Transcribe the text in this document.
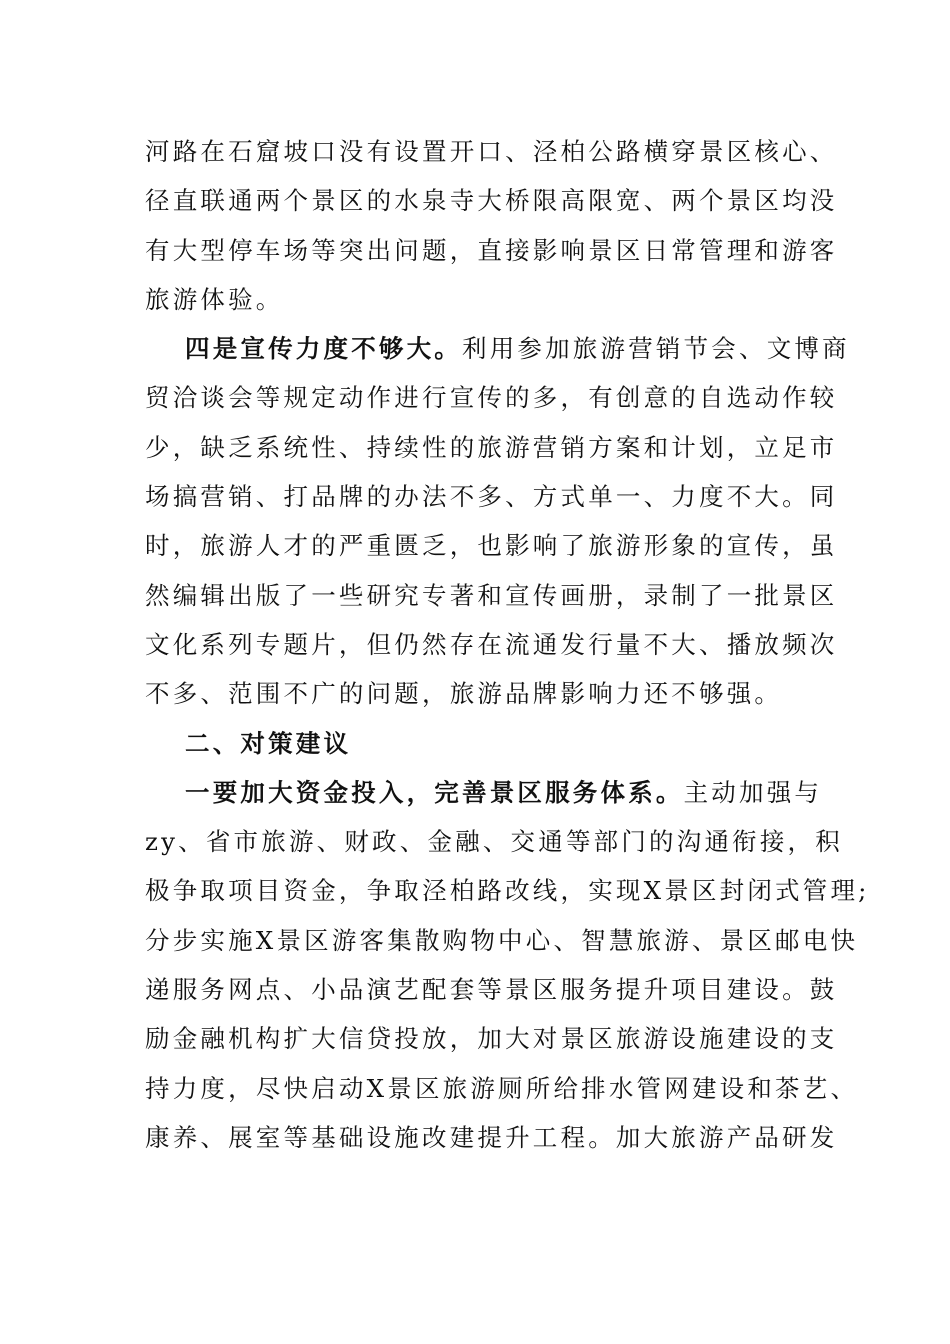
河路在石窟坡口没有设置开口、泾柏公路横穿景区核心、
径直联通两个景区的水泉寺大桥限高限宽、两个景区均没
有大型停车场等突出问题，直接影响景区日常管理和游客
旅游体验。
四是宣传力度不够大。利用参加旅游营销节会、文博商
贸洽谈会等规定动作进行宣传的多，有创意的自选动作较
少，缺乏系统性、持续性的旅游营销方案和计划，立足市
场搞营销、打品牌的办法不多、方式单一、力度不大。同
时，旅游人才的严重匮乏，也影响了旅游形象的宣传，虽
然编辑出版了一些研究专著和宣传画册，录制了一批景区
文化系列专题片，但仍然存在流通发行量不大、播放频次
不多、范围不广的问题，旅游品牌影响力还不够强。
二、对策建议
一要加大资金投入，完善景区服务体系。主动加强与
zy、省市旅游、财政、金融、交通等部门的沟通衔接，积
极争取项目资金，争取泾柏路改线，实现X景区封闭式管理;
分步实施X景区游客集散购物中心、智慧旅游、景区邮电快
递服务网点、小品演艺配套等景区服务提升项目建设。鼓
励金融机构扩大信贷投放，加大对景区旅游设施建设的支
持力度，尽快启动X景区旅游厕所给排水管网建设和茶艺、
康养、展室等基础设施改建提升工程。加大旅游产品研发
